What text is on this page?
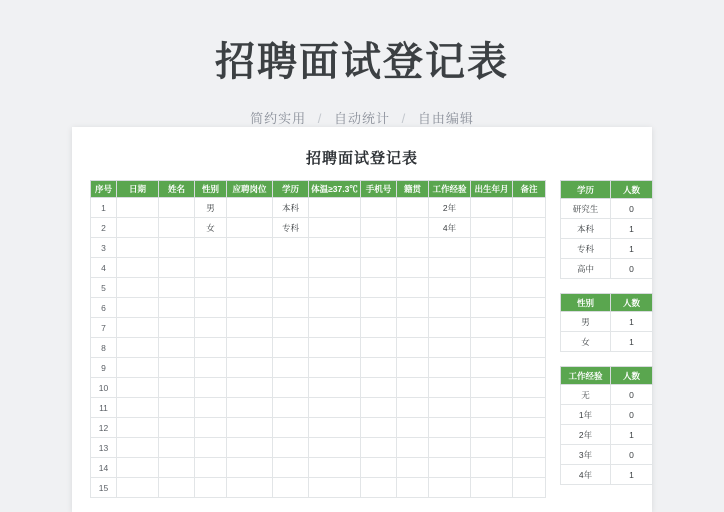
招聘面试登记表
简约实用 / 自动统计 / 自由编辑
招聘面试登记表
序号	日期	姓名	性别	应聘岗位	学历	体温≥37.3℃	手机号	籍贯	工作经验	出生年月	备注
1			男		本科				2年		
2			女		专科				4年		
3											
4											
5											
6											
7											
8											
9											
10											
11											
12											
13											
14											
15											
学历	人数
研究生	0
本科	1
专科	1
高中	0
性别	人数
男	1
女	1
工作经验	人数
无	0
1年	0
2年	1
3年	0
4年	1
